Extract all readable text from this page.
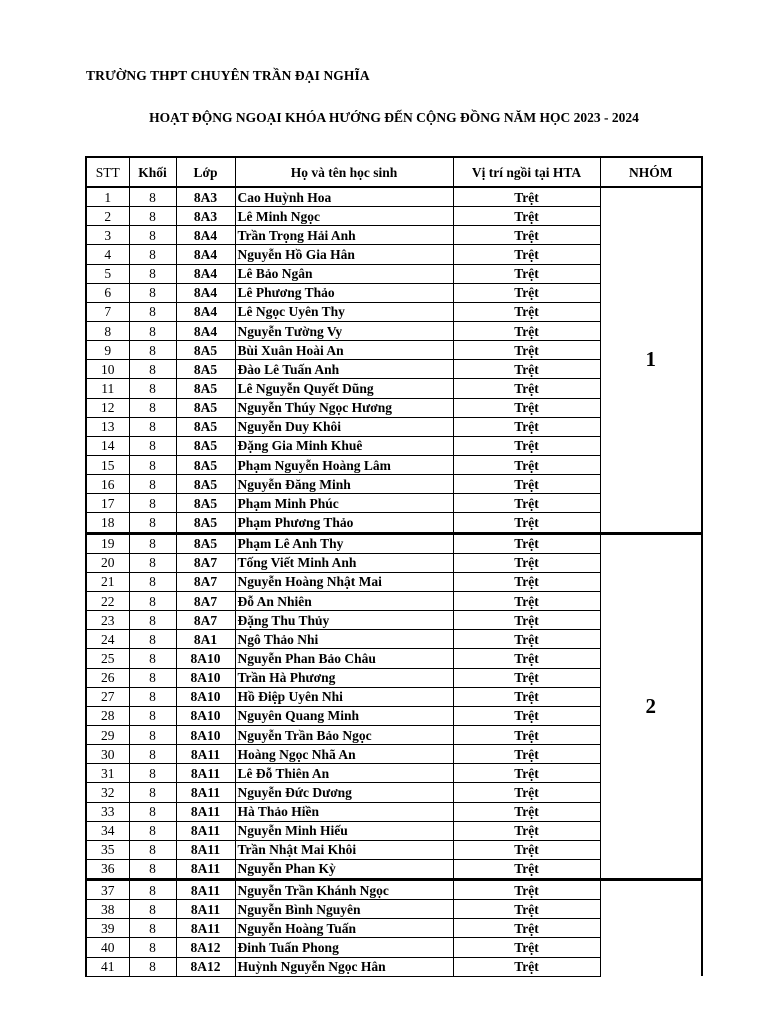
TRƯỜNG THPT CHUYÊN TRẦN ĐẠI NGHĨA
HOẠT ĐỘNG NGOẠI KHÓA HƯỚNG ĐẾN CỘNG ĐỒNG NĂM HỌC 2023 - 2024
STT	Khối	Lớp	Họ và tên học sinh	Vị trí ngồi tại HTA	NHÓM
1	8	8A3	Cao Huỳnh Hoa	Trệt	1
2	8	8A3	Lê Minh Ngọc	Trệt	
3	8	8A4	Trần Trọng Hải Anh	Trệt	
4	8	8A4	Nguyễn Hồ Gia Hân	Trệt	
5	8	8A4	Lê Bảo Ngân	Trệt	
6	8	8A4	Lê Phương Thảo	Trệt	
7	8	8A4	Lê Ngọc Uyên Thy	Trệt	
8	8	8A4	Nguyễn Tường Vy	Trệt	
9	8	8A5	Bùi Xuân Hoài An	Trệt	
10	8	8A5	Đào Lê Tuấn Anh	Trệt	
11	8	8A5	Lê Nguyễn Quyết Dũng	Trệt	
12	8	8A5	Nguyễn Thúy Ngọc Hương	Trệt	
13	8	8A5	Nguyễn Duy Khôi	Trệt	
14	8	8A5	Đặng Gia Minh Khuê	Trệt	
15	8	8A5	Phạm Nguyễn Hoàng Lâm	Trệt	
16	8	8A5	Nguyễn Đăng Minh	Trệt	
17	8	8A5	Phạm Minh Phúc	Trệt	
18	8	8A5	Phạm Phương Thảo	Trệt	
19	8	8A5	Phạm Lê Anh Thy	Trệt	2
20	8	8A7	Tống Viết Minh Anh	Trệt	
21	8	8A7	Nguyễn Hoàng Nhật Mai	Trệt	
22	8	8A7	Đỗ An Nhiên	Trệt	
23	8	8A7	Đặng Thu Thủy	Trệt	
24	8	8A1	Ngô Thảo Nhi	Trệt	
25	8	8A10	Nguyễn Phan Bảo Châu	Trệt	
26	8	8A10	Trần Hà Phương	Trệt	
27	8	8A10	Hồ Điệp Uyên Nhi	Trệt	
28	8	8A10	Nguyên Quang Minh	Trệt	
29	8	8A10	Nguyễn Trần Bảo Ngọc	Trệt	
30	8	8A11	Hoàng Ngọc Nhã An	Trệt	
31	8	8A11	Lê Đỗ Thiên An	Trệt	
32	8	8A11	Nguyễn Đức Dương	Trệt	
33	8	8A11	Hà Thảo Hiền	Trệt	
34	8	8A11	Nguyễn Minh Hiếu	Trệt	
35	8	8A11	Trần Nhật Mai Khôi	Trệt	
36	8	8A11	Nguyễn Phan Kỳ	Trệt	
37	8	8A11	Nguyễn Trần Khánh Ngọc	Trệt	
38	8	8A11	Nguyễn Bình Nguyên	Trệt	
39	8	8A11	Nguyễn Hoàng Tuấn	Trệt	
40	8	8A12	Đinh Tuấn Phong	Trệt	
41	8	8A12	Huỳnh Nguyễn Ngọc Hân	Trệt	
